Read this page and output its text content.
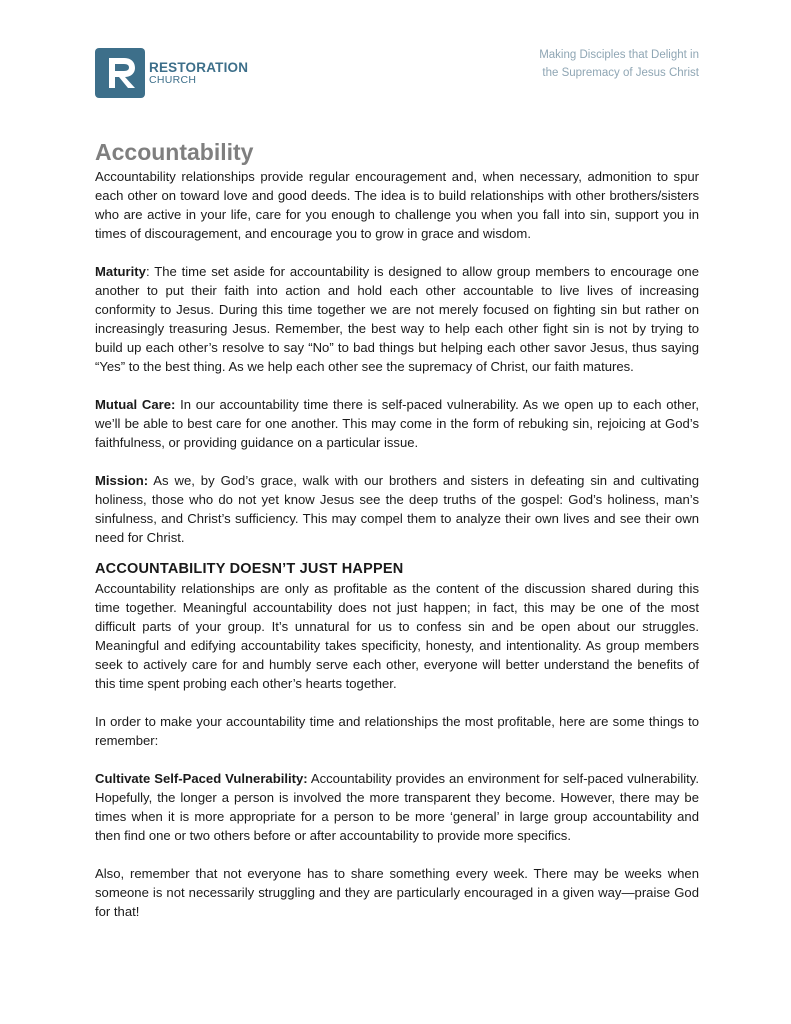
RESTORATION
CHURCH
Making Disciples that Delight in
the Supremacy of Jesus Christ
Accountability

Accountability relationships provide regular encouragement and, when necessary, admonition to spur each other on toward love and good deeds. The idea is to build relationships with other brothers/sisters who are active in your life, care for you enough to challenge you when you fall into sin, support you in times of discouragement, and encourage you to grow in grace and wisdom.

Maturity: The time set aside for accountability is designed to allow group members to encourage one another to put their faith into action and hold each other accountable to live lives of increasing conformity to Jesus. During this time together we are not merely focused on fighting sin but rather on increasingly treasuring Jesus. Remember, the best way to help each other fight sin is not by trying to build up each other’s resolve to say “No” to bad things but helping each other savor Jesus, thus saying “Yes” to the best thing. As we help each other see the supremacy of Christ, our faith matures.

Mutual Care: In our accountability time there is self-paced vulnerability. As we open up to each other, we’ll be able to best care for one another. This may come in the form of rebuking sin, rejoicing at God’s faithfulness, or providing guidance on a particular issue.

Mission: As we, by God’s grace, walk with our brothers and sisters in defeating sin and cultivating holiness, those who do not yet know Jesus see the deep truths of the gospel: God’s holiness, man’s sinfulness, and Christ’s sufficiency. This may compel them to analyze their own lives and see their own need for Christ.

ACCOUNTABILITY DOESN’T JUST HAPPEN

Accountability relationships are only as profitable as the content of the discussion shared during this time together. Meaningful accountability does not just happen; in fact, this may be one of the most difficult parts of your group. It’s unnatural for us to confess sin and be open about our struggles. Meaningful and edifying accountability takes specificity, honesty, and intentionality. As group members seek to actively care for and humbly serve each other, everyone will better understand the benefits of this time spent probing each other’s hearts together.

In order to make your accountability time and relationships the most profitable, here are some things to remember:

Cultivate Self-Paced Vulnerability: Accountability provides an environment for self-paced vulnerability. Hopefully, the longer a person is involved the more transparent they become. However, there may be times when it is more appropriate for a person to be more ‘general’ in large group accountability and then find one or two others before or after accountability to provide more specifics.

Also, remember that not everyone has to share something every week. There may be weeks when someone is not necessarily struggling and they are particularly encouraged in a given way—praise God for that!
